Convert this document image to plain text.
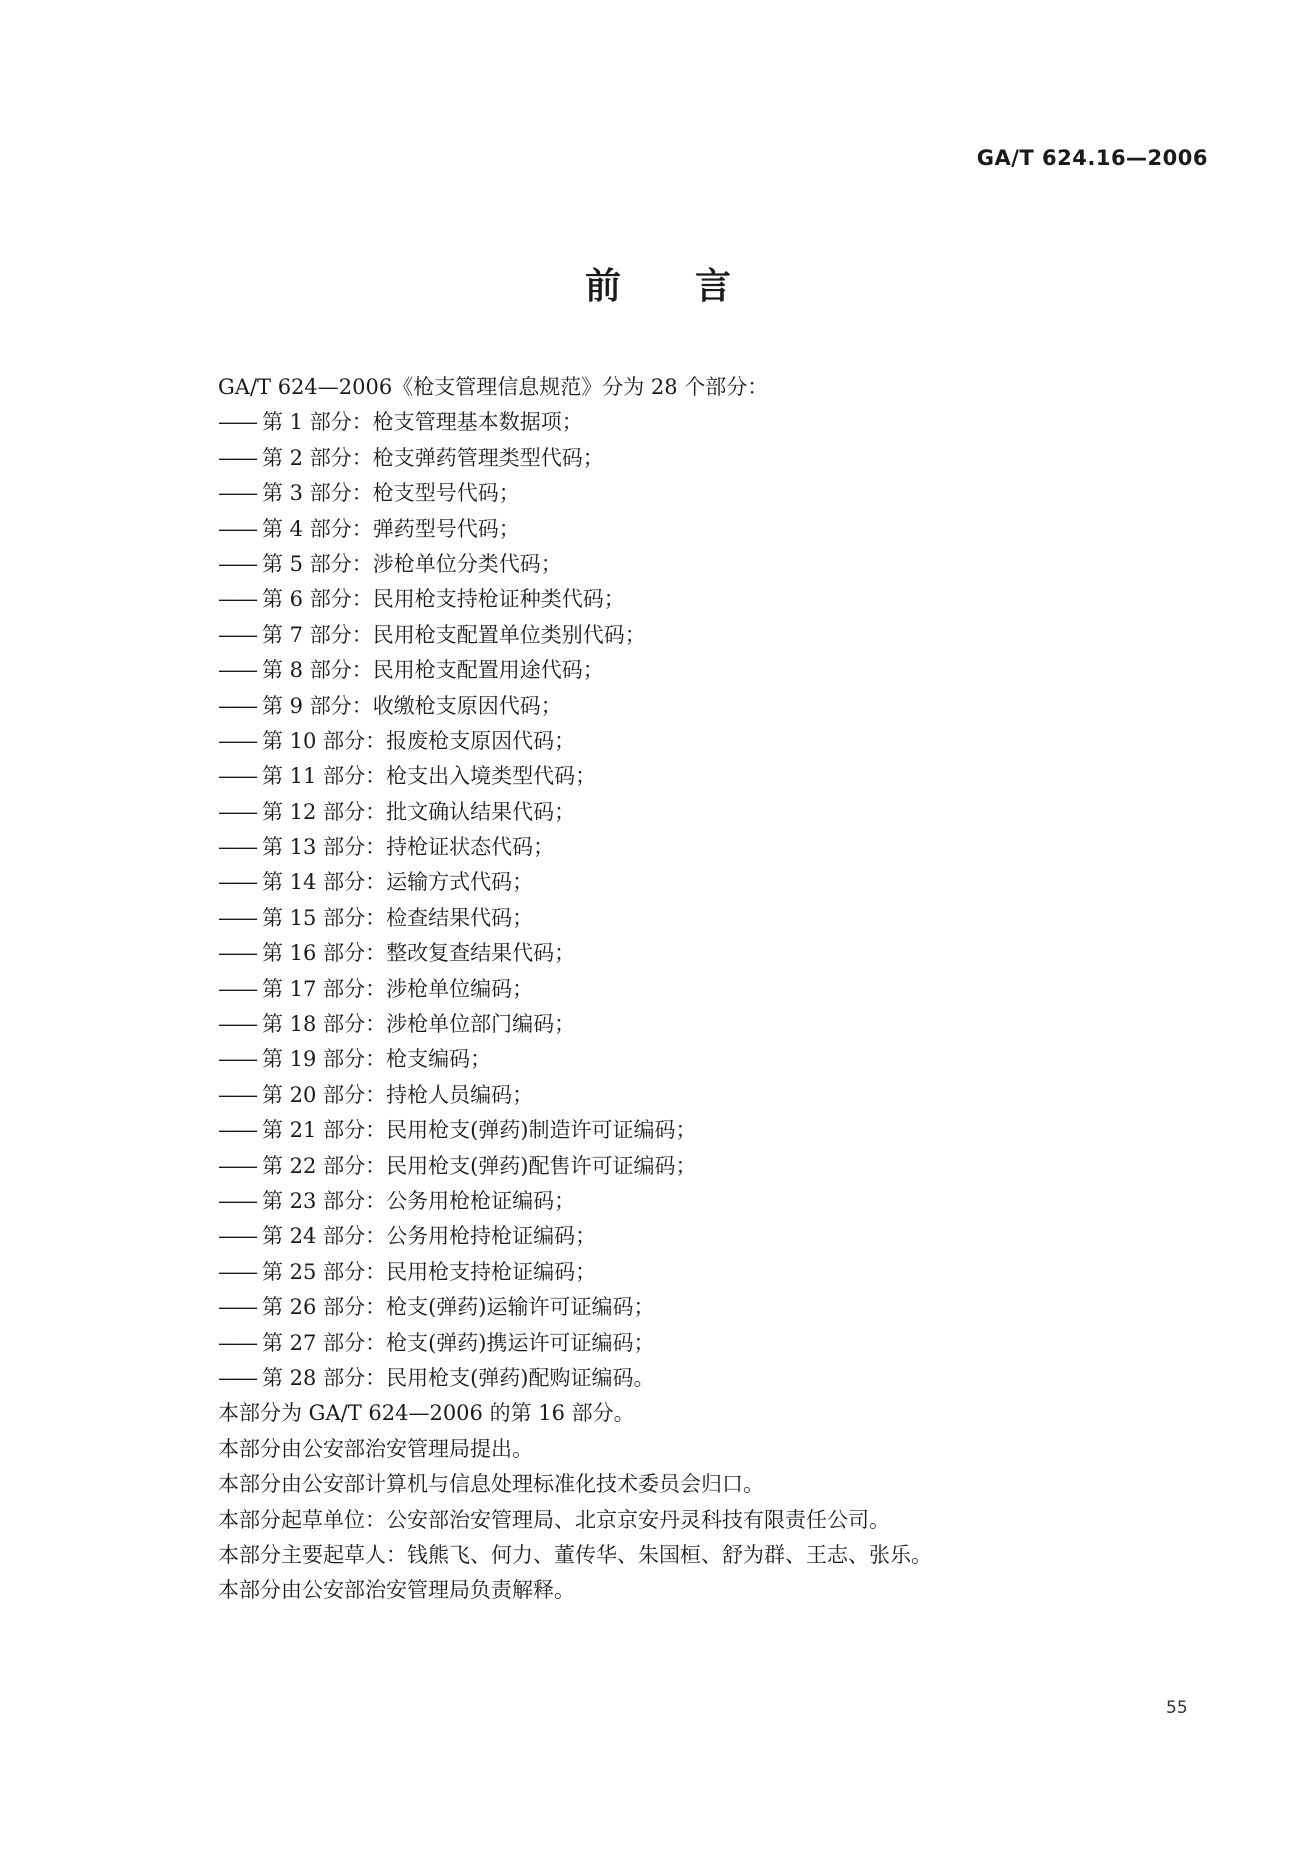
GA/T 624.16—2006
前言
GA/T 624—2006《枪支管理信息规范》分为 28 个部分：
—— 第 1 部分：枪支管理基本数据项；
—— 第 2 部分：枪支弹药管理类型代码；
—— 第 3 部分：枪支型号代码；
—— 第 4 部分：弹药型号代码；
—— 第 5 部分：涉枪单位分类代码；
—— 第 6 部分：民用枪支持枪证种类代码；
—— 第 7 部分：民用枪支配置单位类别代码；
—— 第 8 部分：民用枪支配置用途代码；
—— 第 9 部分：收缴枪支原因代码；
—— 第 10 部分：报废枪支原因代码；
—— 第 11 部分：枪支出入境类型代码；
—— 第 12 部分：批文确认结果代码；
—— 第 13 部分：持枪证状态代码；
—— 第 14 部分：运输方式代码；
—— 第 15 部分：检查结果代码；
—— 第 16 部分：整改复查结果代码；
—— 第 17 部分：涉枪单位编码；
—— 第 18 部分：涉枪单位部门编码；
—— 第 19 部分：枪支编码；
—— 第 20 部分：持枪人员编码；
—— 第 21 部分：民用枪支(弹药)制造许可证编码；
—— 第 22 部分：民用枪支(弹药)配售许可证编码；
—— 第 23 部分：公务用枪枪证编码；
—— 第 24 部分：公务用枪持枪证编码；
—— 第 25 部分：民用枪支持枪证编码；
—— 第 26 部分：枪支(弹药)运输许可证编码；
—— 第 27 部分：枪支(弹药)携运许可证编码；
—— 第 28 部分：民用枪支(弹药)配购证编码。
本部分为 GA/T 624—2006 的第 16 部分。
本部分由公安部治安管理局提出。
本部分由公安部计算机与信息处理标准化技术委员会归口。
本部分起草单位：公安部治安管理局、北京京安丹灵科技有限责任公司。
本部分主要起草人：钱熊飞、何力、董传华、朱国桓、舒为群、王志、张乐。
本部分由公安部治安管理局负责解释。
55
